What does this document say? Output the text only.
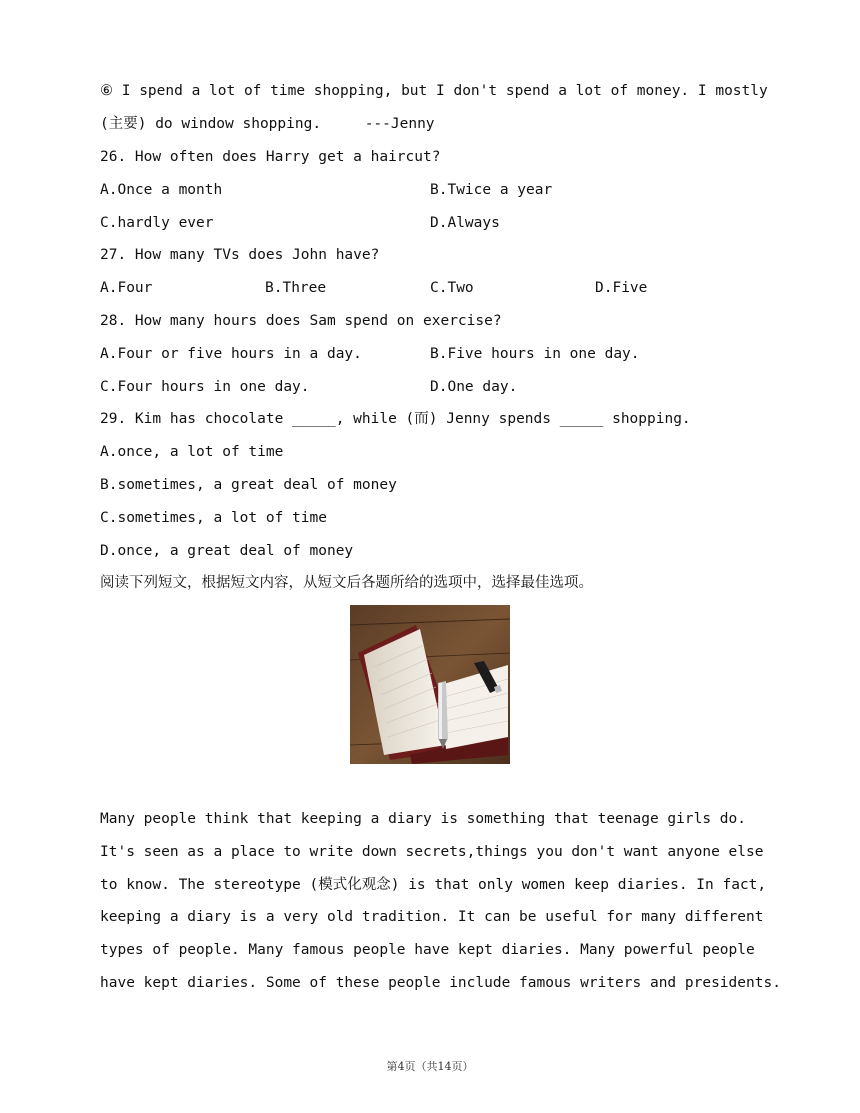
⑥ I spend a lot of time shopping, but I don't spend a lot of money. I mostly
(主要) do window shopping.     ---Jenny
26. How often does Harry get a haircut?
A.Once a month	B.Twice a year
C.hardly ever	D.Always
27. How many TVs does John have?
A.Four	B.Three	C.Two	D.Five
28. How many hours does Sam spend on exercise?
A.Four or five hours in a day.	B.Five hours in one day.
C.Four hours in one day.	D.One day.
29. Kim has chocolate _____, while (而) Jenny spends _____ shopping.
A.once, a lot of time
B.sometimes, a great deal of money
C.sometimes, a lot of time
D.once, a great deal of money
阅读下列短文，根据短文内容，从短文后各题所给的选项中，选择最佳选项。
Many people think that keeping a diary is something that teenage girls do.
It's seen as a place to write down secrets,things you don't want anyone else
to know. The stereotype (模式化观念) is that only women keep diaries. In fact,
keeping a diary is a very old tradition. It can be useful for many different
types of people. Many famous people have kept diaries. Many powerful people
have kept diaries. Some of these people include famous writers and presidents.
第4页（共14页）
